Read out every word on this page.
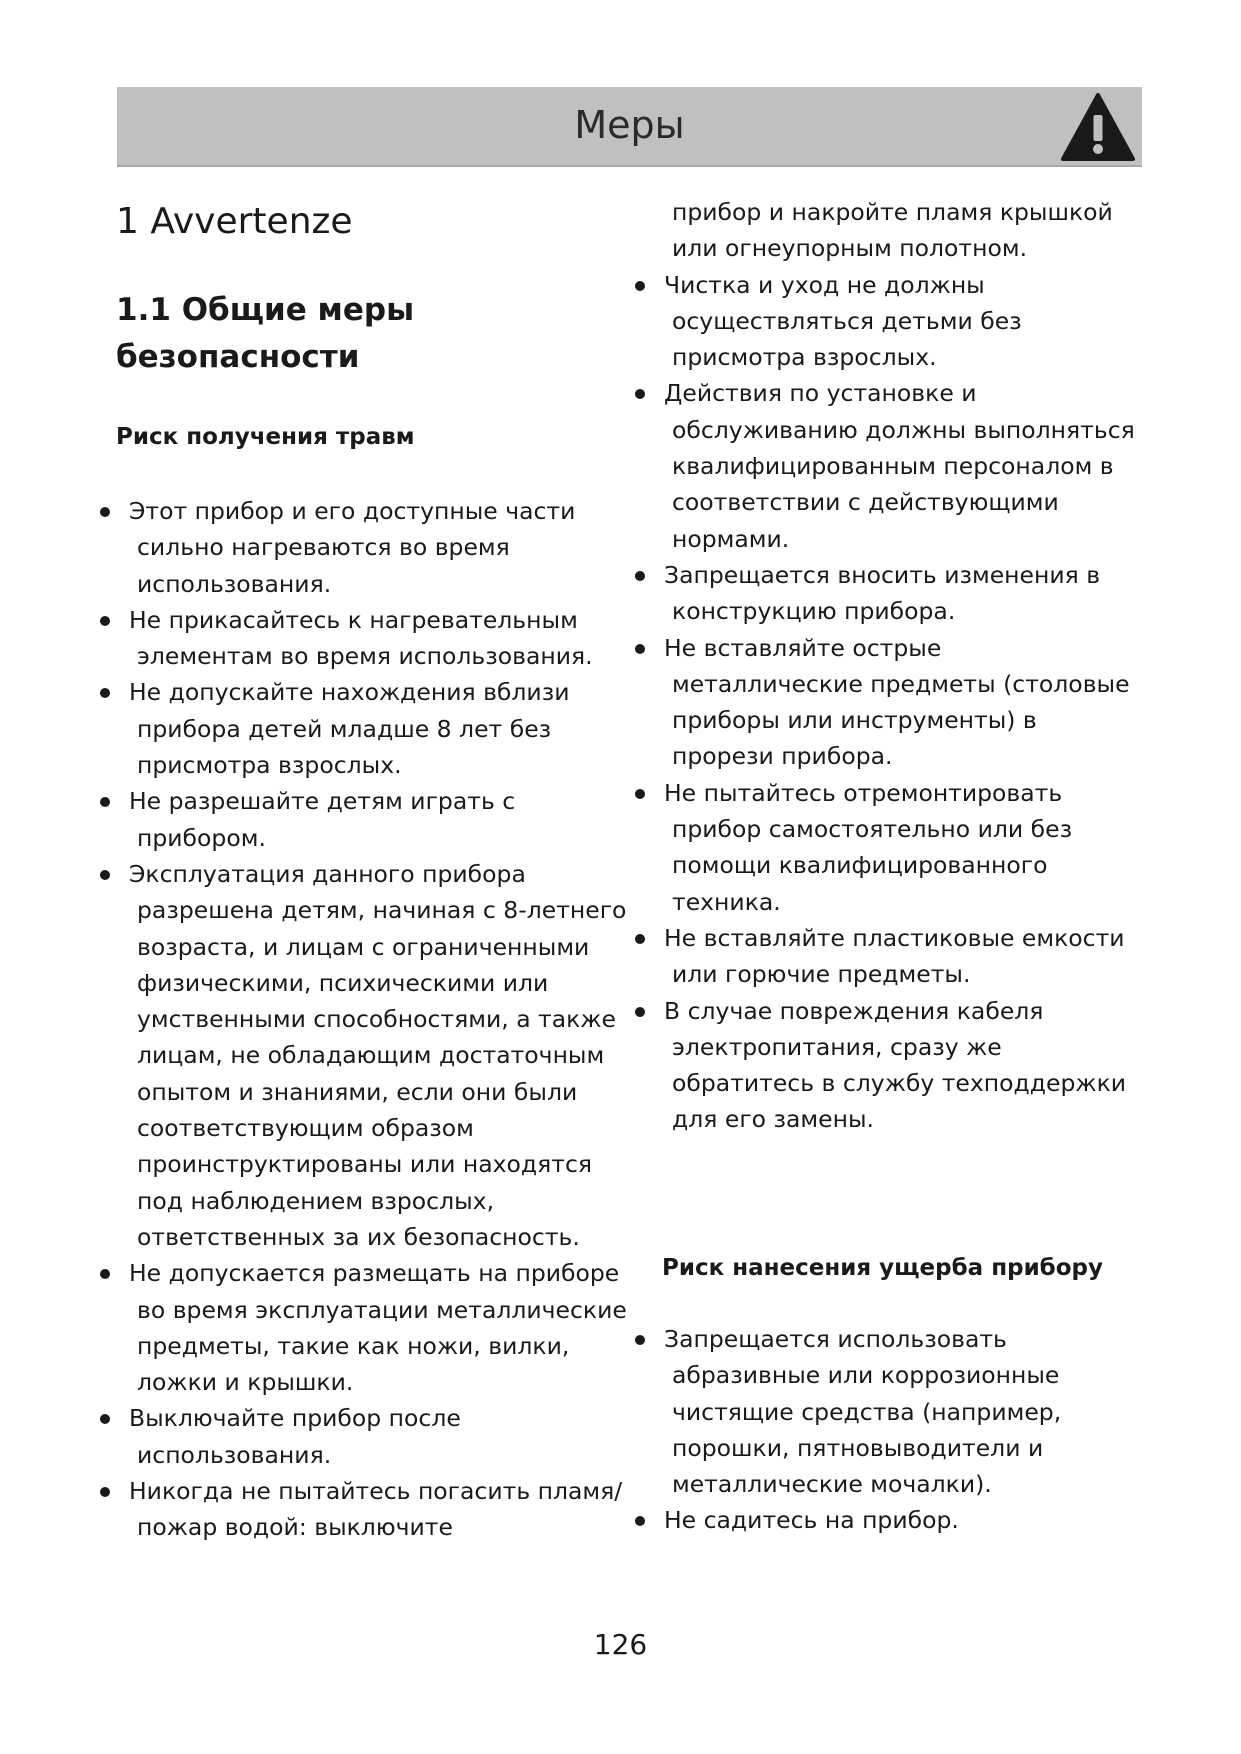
Меры
1 Avvertenze
1.1 Общие меры безопасности
Риск получения травм
Этот прибор и его доступные части сильно нагреваются во время использования.
Не прикасайтесь к нагревательным элементам во время использования.
Не допускайте нахождения вблизи прибора детей младше 8 лет без присмотра взрослых.
Не разрешайте детям играть с прибором.
Эксплуатация данного прибора разрешена детям, начиная с 8-летнего возраста, и лицам с ограниченными физическими, психическими или умственными способностями, а также лицам, не обладающим достаточным опытом и знаниями, если они были соответствующим образом проинструктированы или находятся под наблюдением взрослых, ответственных за их безопасность.
Не допускается размещать на приборе во время эксплуатации металлические предметы, такие как ножи, вилки, ложки и крышки.
Выключайте прибор после использования.
Никогда не пытайтесь погасить пламя/пожар водой: выключите
прибор и накройте пламя крышкой или огнеупорным полотном.
Чистка и уход не должны осуществляться детьми без присмотра взрослых.
Действия по установке и обслуживанию должны выполняться квалифицированным персоналом в соответствии с действующими нормами.
Запрещается вносить изменения в конструкцию прибора.
Не вставляйте острые металлические предметы (столовые приборы или инструменты) в прорези прибора.
Не пытайтесь отремонтировать прибор самостоятельно или без помощи квалифицированного техника.
Не вставляйте пластиковые емкости или горючие предметы.
В случае повреждения кабеля электропитания, сразу же обратитесь в службу техподдержки для его замены.
Риск нанесения ущерба прибору
Запрещается использовать абразивные или коррозионные чистящие средства (например, порошки, пятновыводители и металлические мочалки).
Не садитесь на прибор.
126
